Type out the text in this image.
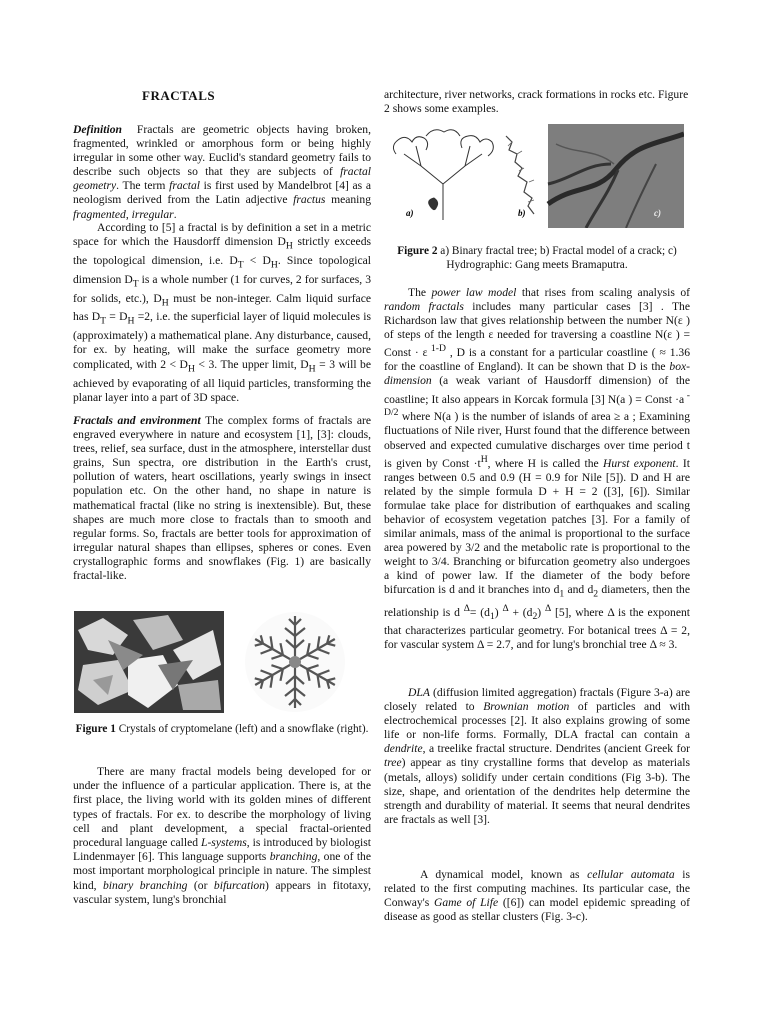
FRACTALS

Definition Fractals are geometric objects having broken, fragmented, wrinkled or amorphous form or being highly irregular in some other way. Euclid's standard geometry fails to describe such objects so that they are subjects of fractal geometry. The term fractal is first used by Mandelbrot [4] as a neologism derived from the Latin adjective fractus meaning fragmented, irregular.

According to [5] a fractal is by definition a set in a metric space for which the Hausdorff dimension $D_H$ strictly exceeds the topological dimension, i.e. $D_T < D_H$. Since topological dimension $D_T$ is a whole number (1 for curves, 2 for surfaces, 3 for solids, etc.), $D_H$ must be non-integer. Calm liquid surface has $D_T = D_H =2$, i.e. the superficial layer of liquid molecules is (approximately) a mathematical plane. Any disturbance, caused, for ex. by heating, will make the surface geometry more complicated, with $2 < D_H < 3$. The upper limit, $D_H = 3$ will be achieved by evaporating of all liquid particles, transforming the planar layer into a part of 3D space.

Fractals and environment The complex forms of fractals are engraved everywhere in nature and ecosystem [1], [3]: clouds, trees, relief, sea surface, dust in the atmosphere, interstellar dust grains, Sun spectra, ore distribution in the Earth's crust, pollution of waters, heart oscillations, yearly swings in insect population etc. On the other hand, no shape in nature is mathematical fractal (like no string is inextensible). But, these shapes are much more close to fractals than to smooth and regular forms. So, fractals are better tools for approximation of irregular natural shapes than ellipses, spheres or cones. Even crystallographic forms and snowflakes (Fig. 1) are basically fractal-like.

Figure 1 Crystals of cryptomelane (left) and a snowflake (right).

There are many fractal models being developed for or under the influence of a particular application. There is, at the first place, the living world with its golden mines of different types of fractals. For ex. to describe the morphology of living cell and plant development, a special fractal-oriented procedural language called L-systems, is introduced by biologist Lindenmayer [6]. This language supports branching, one of the most important morphological principle in nature. The simplest kind, binary branching (or bifurcation) appears in fitotaxy, vascular system, lung's bronchial

architecture, river networks, crack formations in rocks etc. Figure 2 shows some examples.

a)	b)	c)
Figure 2 a) Binary fractal tree; b) Fractal model of a crack; c) Hydrographic: Gang meets Bramaputra.

The power law model that rises from scaling analysis of random fractals includes many particular cases [3] . The Richardson law that gives relationship between the number N(ε ) of steps of the length ε needed for traversing a coastline N(ε ) = Const · ε $^{1-D}$ , D is a constant for a particular coastline ( ≈ 1.36 for the coastline of England). It can be shown that D is the box-dimension (a weak variant of Hausdorff dimension) of the coastline; It also appears in Korcak formula [3] N(a ) = Const ·a $^{-D/2}$ where N(a ) is the number of islands of area ≥ a ; Examining fluctuations of Nile river, Hurst found that the difference between observed and expected cumulative discharges over time period t is given by Const $\cdot t^H$, where H is called the Hurst exponent. It ranges between 0.5 and 0.9 (H = 0.9 for Nile [5]). D and H are related by the simple formula D + H = 2 ([3], [6]). Similar formulae take place for distribution of earthquakes and scaling behavior of ecosystem vegetation patches [3]. For a family of similar animals, mass of the animal is proportional to the surface area powered by 3/2 and the metabolic rate is proportional to the weight to 3/4. Branching or bifurcation geometry also undergoes a kind of power law. If the diameter of the body before bifurcation is d and it branches into $d_1$ and $d_2$ diameters, then the relationship is d $^\Delta= (d_1) ^\Delta + (d_2)$ $^\Delta$ [5], where Δ is the exponent that characterizes particular geometry. For botanical trees Δ = 2, for vascular system Δ = 2.7, and for lung's bronchial tree Δ ≈ 3.

DLA (diffusion limited aggregation) fractals (Figure 3-a) are closely related to Brownian motion of particles and with electrochemical processes [2]. It also explains growing of some life or non-life forms. Formally, DLA fractal can contain a dendrite, a treelike fractal structure. Dendrites (ancient Greek for tree) appear as tiny crystalline forms that develop as materials (metals, alloys) solidify under certain conditions (Fig 3-b). The size, shape, and orientation of the dendrites help determine the strength and durability of material. It seems that neural dendrites are fractals as well [3].

A dynamical model, known as cellular automata is related to the first computing machines. Its particular case, the Conway's Game of Life ([6]) can model epidemic spreading of disease as good as stellar clusters (Fig. 3-c).
